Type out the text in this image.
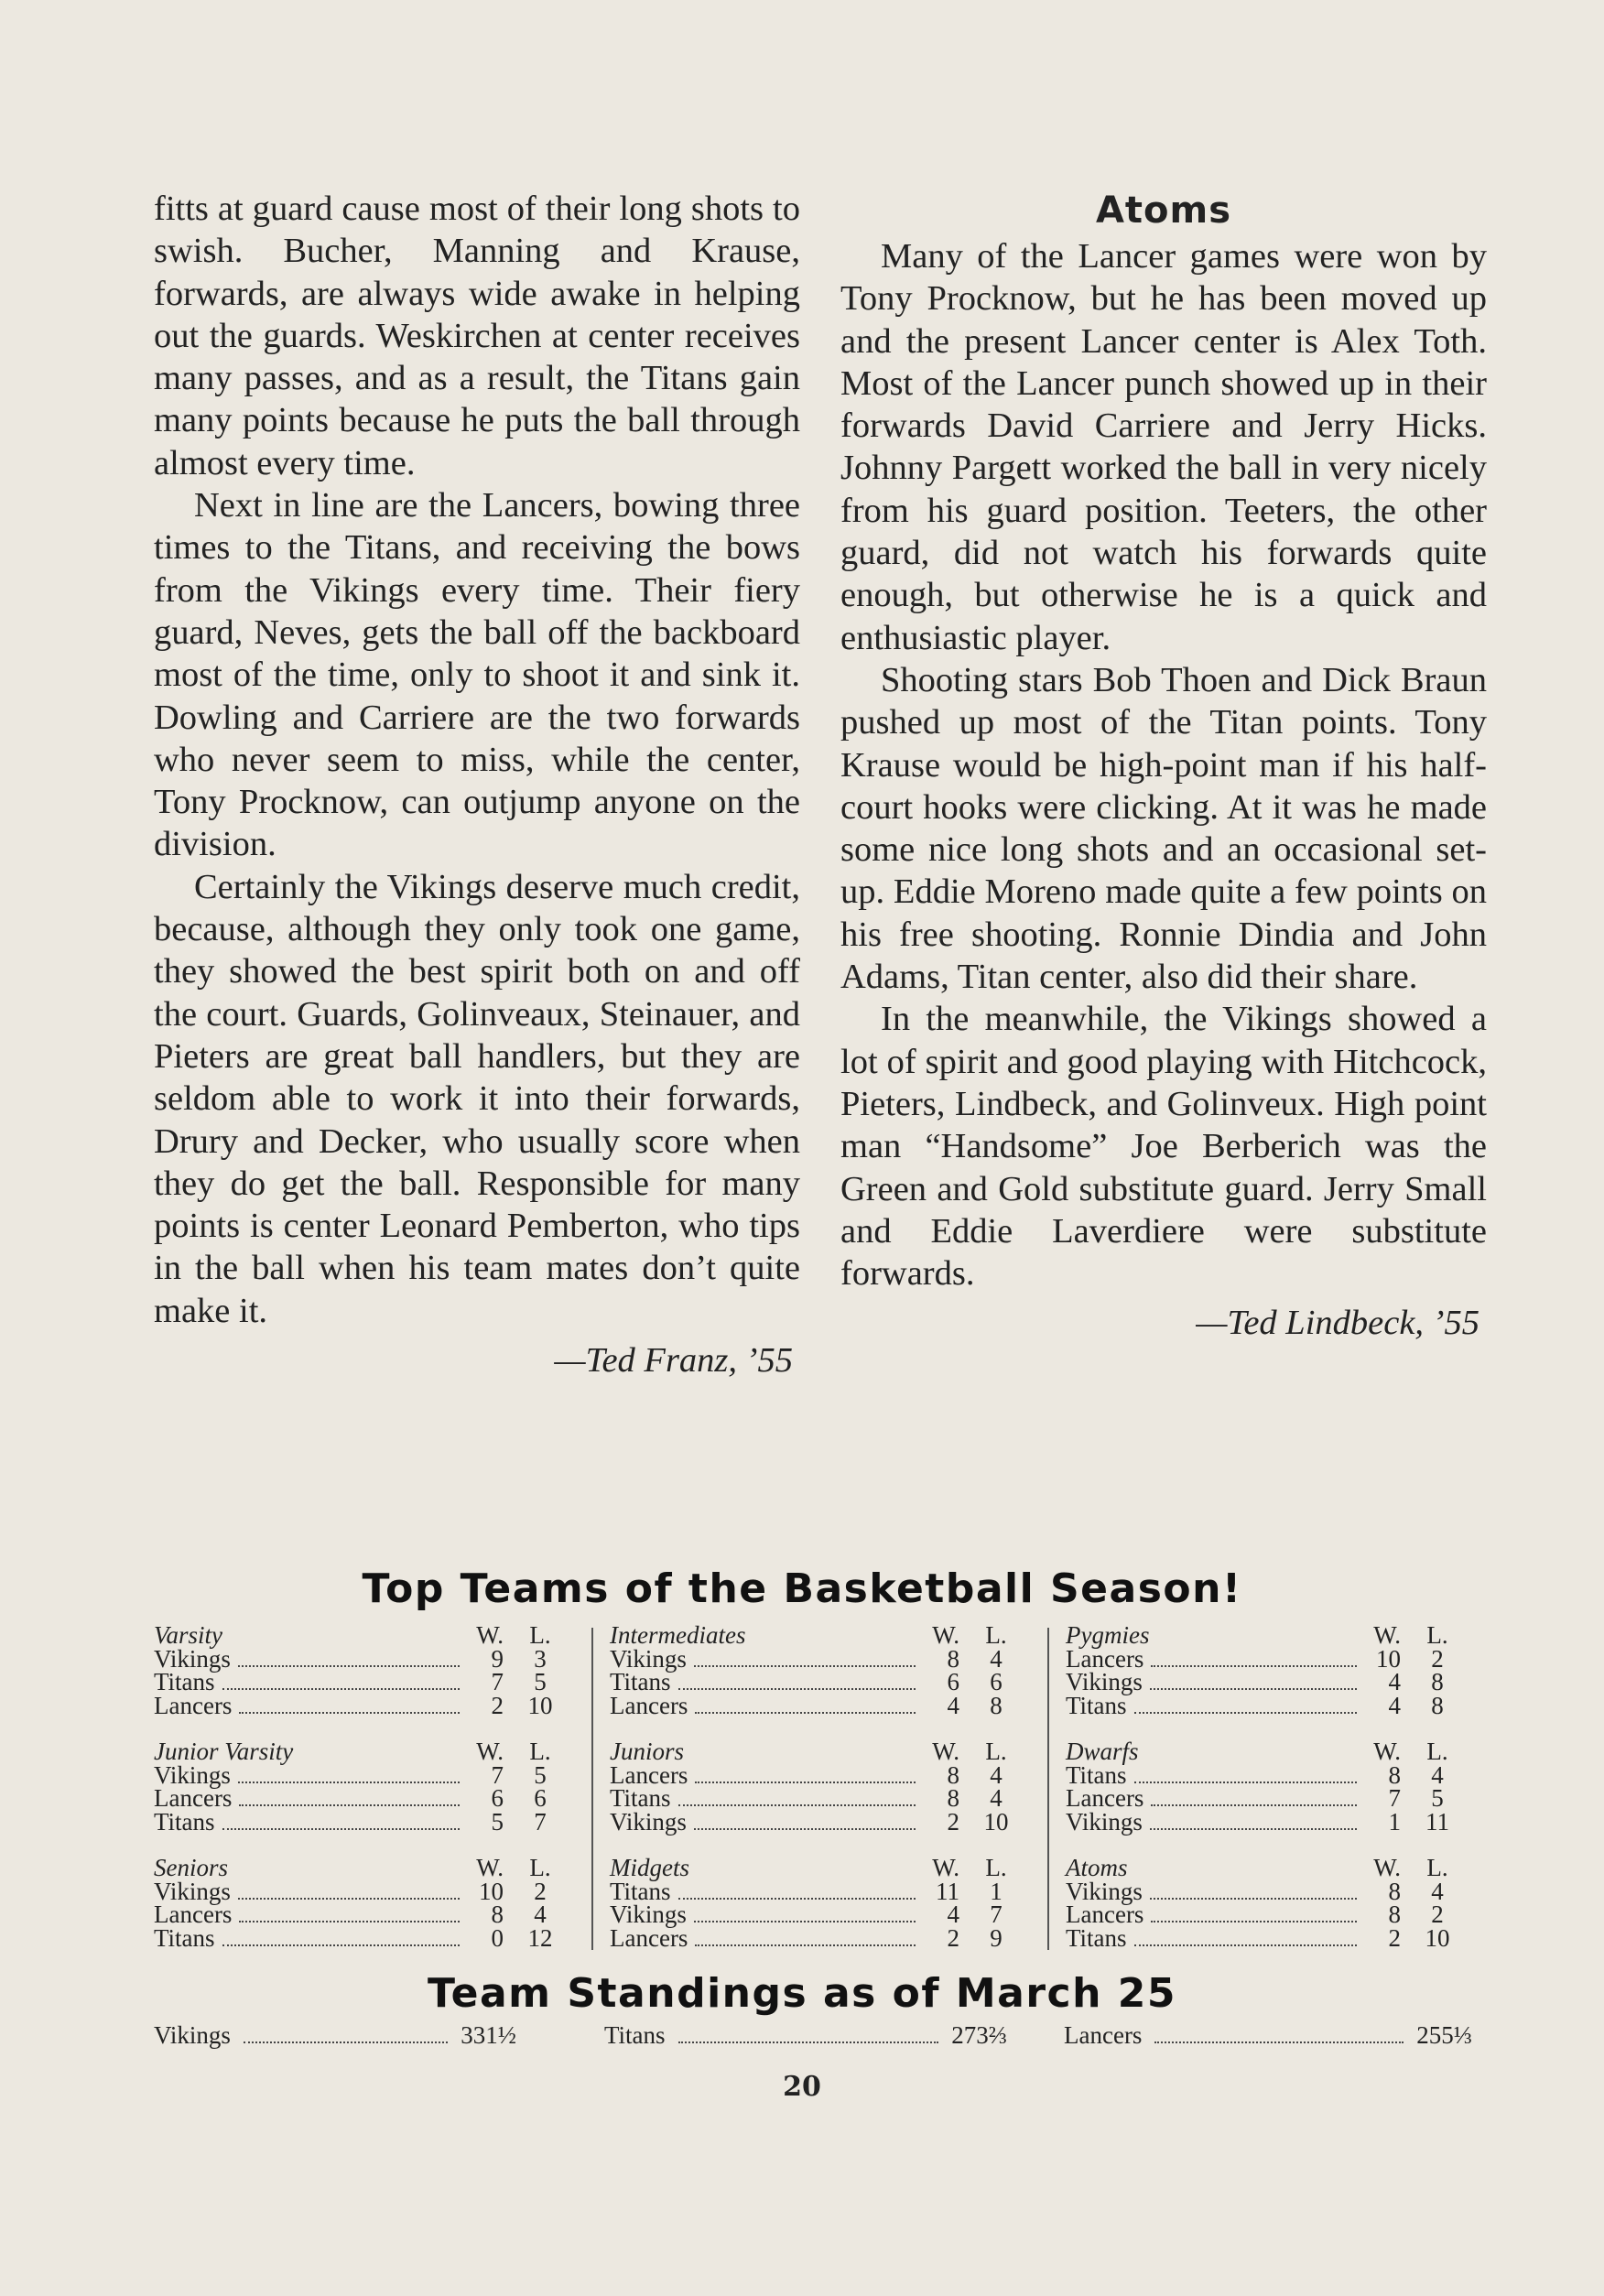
fitts at guard cause most of their long shots to swish. Bucher, Manning and Krause, forwards, are always wide awake in helping out the guards. Weskirchen at center receives many passes, and as a result, the Titans gain many points because he puts the ball through almost every time.

Next in line are the Lancers, bowing three times to the Titans, and receiving the bows from the Vikings every time. Their fiery guard, Neves, gets the ball off the backboard most of the time, only to shoot it and sink it. Dowling and Carriere are the two forwards who never seem to miss, while the center, Tony Procknow, can outjump anyone on the division.

Certainly the Vikings deserve much credit, because, although they only took one game, they showed the best spirit both on and off the court. Guards, Golinveaux, Steinauer, and Pieters are great ball handlers, but they are seldom able to work it into their forwards, Drury and Decker, who usually score when they do get the ball. Responsible for many points is center Leonard Pemberton, who tips in the ball when his team mates don’t quite make it.

—Ted Franz, ’55
Atoms

Many of the Lancer games were won by Tony Procknow, but he has been moved up and the present Lancer center is Alex Toth. Most of the Lancer punch showed up in their forwards David Carriere and Jerry Hicks. Johnny Pargett worked the ball in very nicely from his guard position. Teeters, the other guard, did not watch his forwards quite enough, but otherwise he is a quick and enthusiastic player.

Shooting stars Bob Thoen and Dick Braun pushed up most of the Titan points. Tony Krause would be high-point man if his half-court hooks were clicking. At it was he made some nice long shots and an occasional set-up. Eddie Moreno made quite a few points on his free shooting. Ronnie Dindia and John Adams, Titan center, also did their share.

In the meanwhile, the Vikings showed a lot of spirit and good playing with Hitchcock, Pieters, Lindbeck, and Golinveux. High point man “Handsome” Joe Berberich was the Green and Gold substitute guard. Jerry Small and Eddie Laverdiere were substitute forwards.

—Ted Lindbeck, ’55
Top Teams of the Basketball Season!
Varsity	W.	L.
Vikings	9	3
Titans	7	5
Lancers	2 10
Junior Varsity	W.	L.
Vikings	7	5
Lancers	6	6
Titans	5	7
Seniors	W.	L.
Vikings	10	2
Lancers	8	4
Titans	0 12
Intermediates	W.	L.
Vikings	8	4
Titans	6	6
Lancers	4	8
Juniors	W.	L.
Lancers	8	4
Titans	8	4
Vikings	2 10
Midgets	W.	L.
Titans	11	1
Vikings	4	7
Lancers	2	9
Pygmies	W.	L.
Lancers	10	2
Vikings	4	8
Titans	4	8
Dwarfs	W.	L.
Titans	8	4
Lancers	7	5
Vikings	1	11
Atoms	W.	L.
Vikings	8	4
Lancers	8	2
Titans	2 10
Team Standings as of March 25
Vikings	331½	Titans	273⅔ Lancers	255⅓
20
